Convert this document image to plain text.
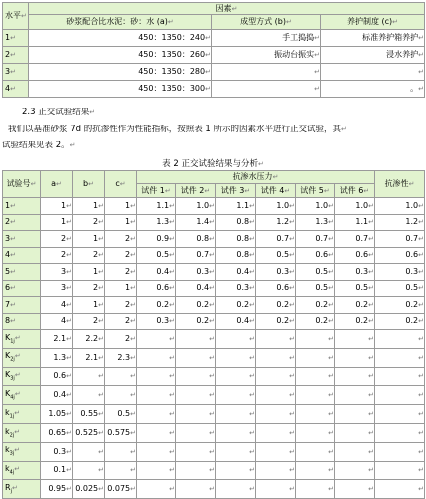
水平↵	因素↵		
	砂浆配合比水泥：砂：水 (a)↵	成型方式 (b)↵	养护制度 (c)↵
1↵	450：1350：240↵	手工捣捣↵	标准养护箱养护↵
2↵	450：1350：260↵	振动台振实↵	浸水养护↵
3↵	450：1350：280↵	↵	↵
4↵	450：1350：300↵	↵	。↵
2.3 正交试验结果↵
我们以基准砂浆 7d 的抗渗性作为性能指标，按照表 1 所示的因素水平进行正交试验，其↵
试验结果见表 2。↵
表 2 正交试验结果与分析↵
试验号↵	a↵	b↵	c↵	抗渗水压力↵						抗渗性↵
				试件 1↵	试件 2↵	试件 3↵	试件 4↵	试件 5↵	试件 6↵	
1↵	1↵	1↵	1↵	1.1↵	1.0↵	1.1↵	1.0↵	1.0↵	1.0↵	1.0↵
2↵	1↵	2↵	1↵	1.3↵	1.4↵	0.8↵	1.2↵	1.3↵	1.1↵	1.2↵
3↵	2↵	1↵	2↵	0.9↵	0.8↵	0.8↵	0.7↵	0.7↵	0.7↵	0.7↵
4↵	2↵	2↵	2↵	0.5↵	0.7↵	0.8↵	0.5↵	0.6↵	0.6↵	0.6↵
5↵	3↵	1↵	2↵	0.4↵	0.3↵	0.4↵	0.3↵	0.5↵	0.3↵	0.3↵
6↵	3↵	2↵	1↵	0.6↵	0.4↵	0.3↵	0.6↵	0.5↵	0.5↵	0.5↵
7↵	4↵	1↵	2↵	0.2↵	0.2↵	0.2↵	0.2↵	0.2↵	0.2↵	0.2↵
8↵	4↵	2↵	2↵	0.3↵	0.2↵	0.4↵	0.2↵	0.2↵	0.2↵	0.2↵
$K_{1j}↵$	2.1↵	2.2↵	2↵	↵	↵	↵	↵	↵	↵	↵
$K_{2j}↵$	1.3↵	2.1↵	2.3↵	↵	↵	↵	↵	↵	↵	↵
$K_{3j}↵$	0.6↵	↵	↵	↵	↵	↵	↵	↵	↵	↵
$K_{4j}↵$	0.4↵	↵	↵	↵	↵	↵	↵	↵	↵	↵
$k_{1j}↵$	1.05↵	0.55↵	0.5↵	↵	↵	↵	↵	↵	↵	↵
$k_{2j}↵$	0.65↵	0.525↵	0.575↵	↵	↵	↵	↵	↵	↵	↵
$k_{3j}↵$	0.3↵	↵	↵	↵	↵	↵	↵	↵	↵	↵
$k_{4j}↵$	0.1↵	↵	↵	↵	↵	↵	↵	↵	↵	↵
$R_j↵$	0.95↵	0.025↵	0.075↵	↵	↵	↵	↵	↵	↵	↵
